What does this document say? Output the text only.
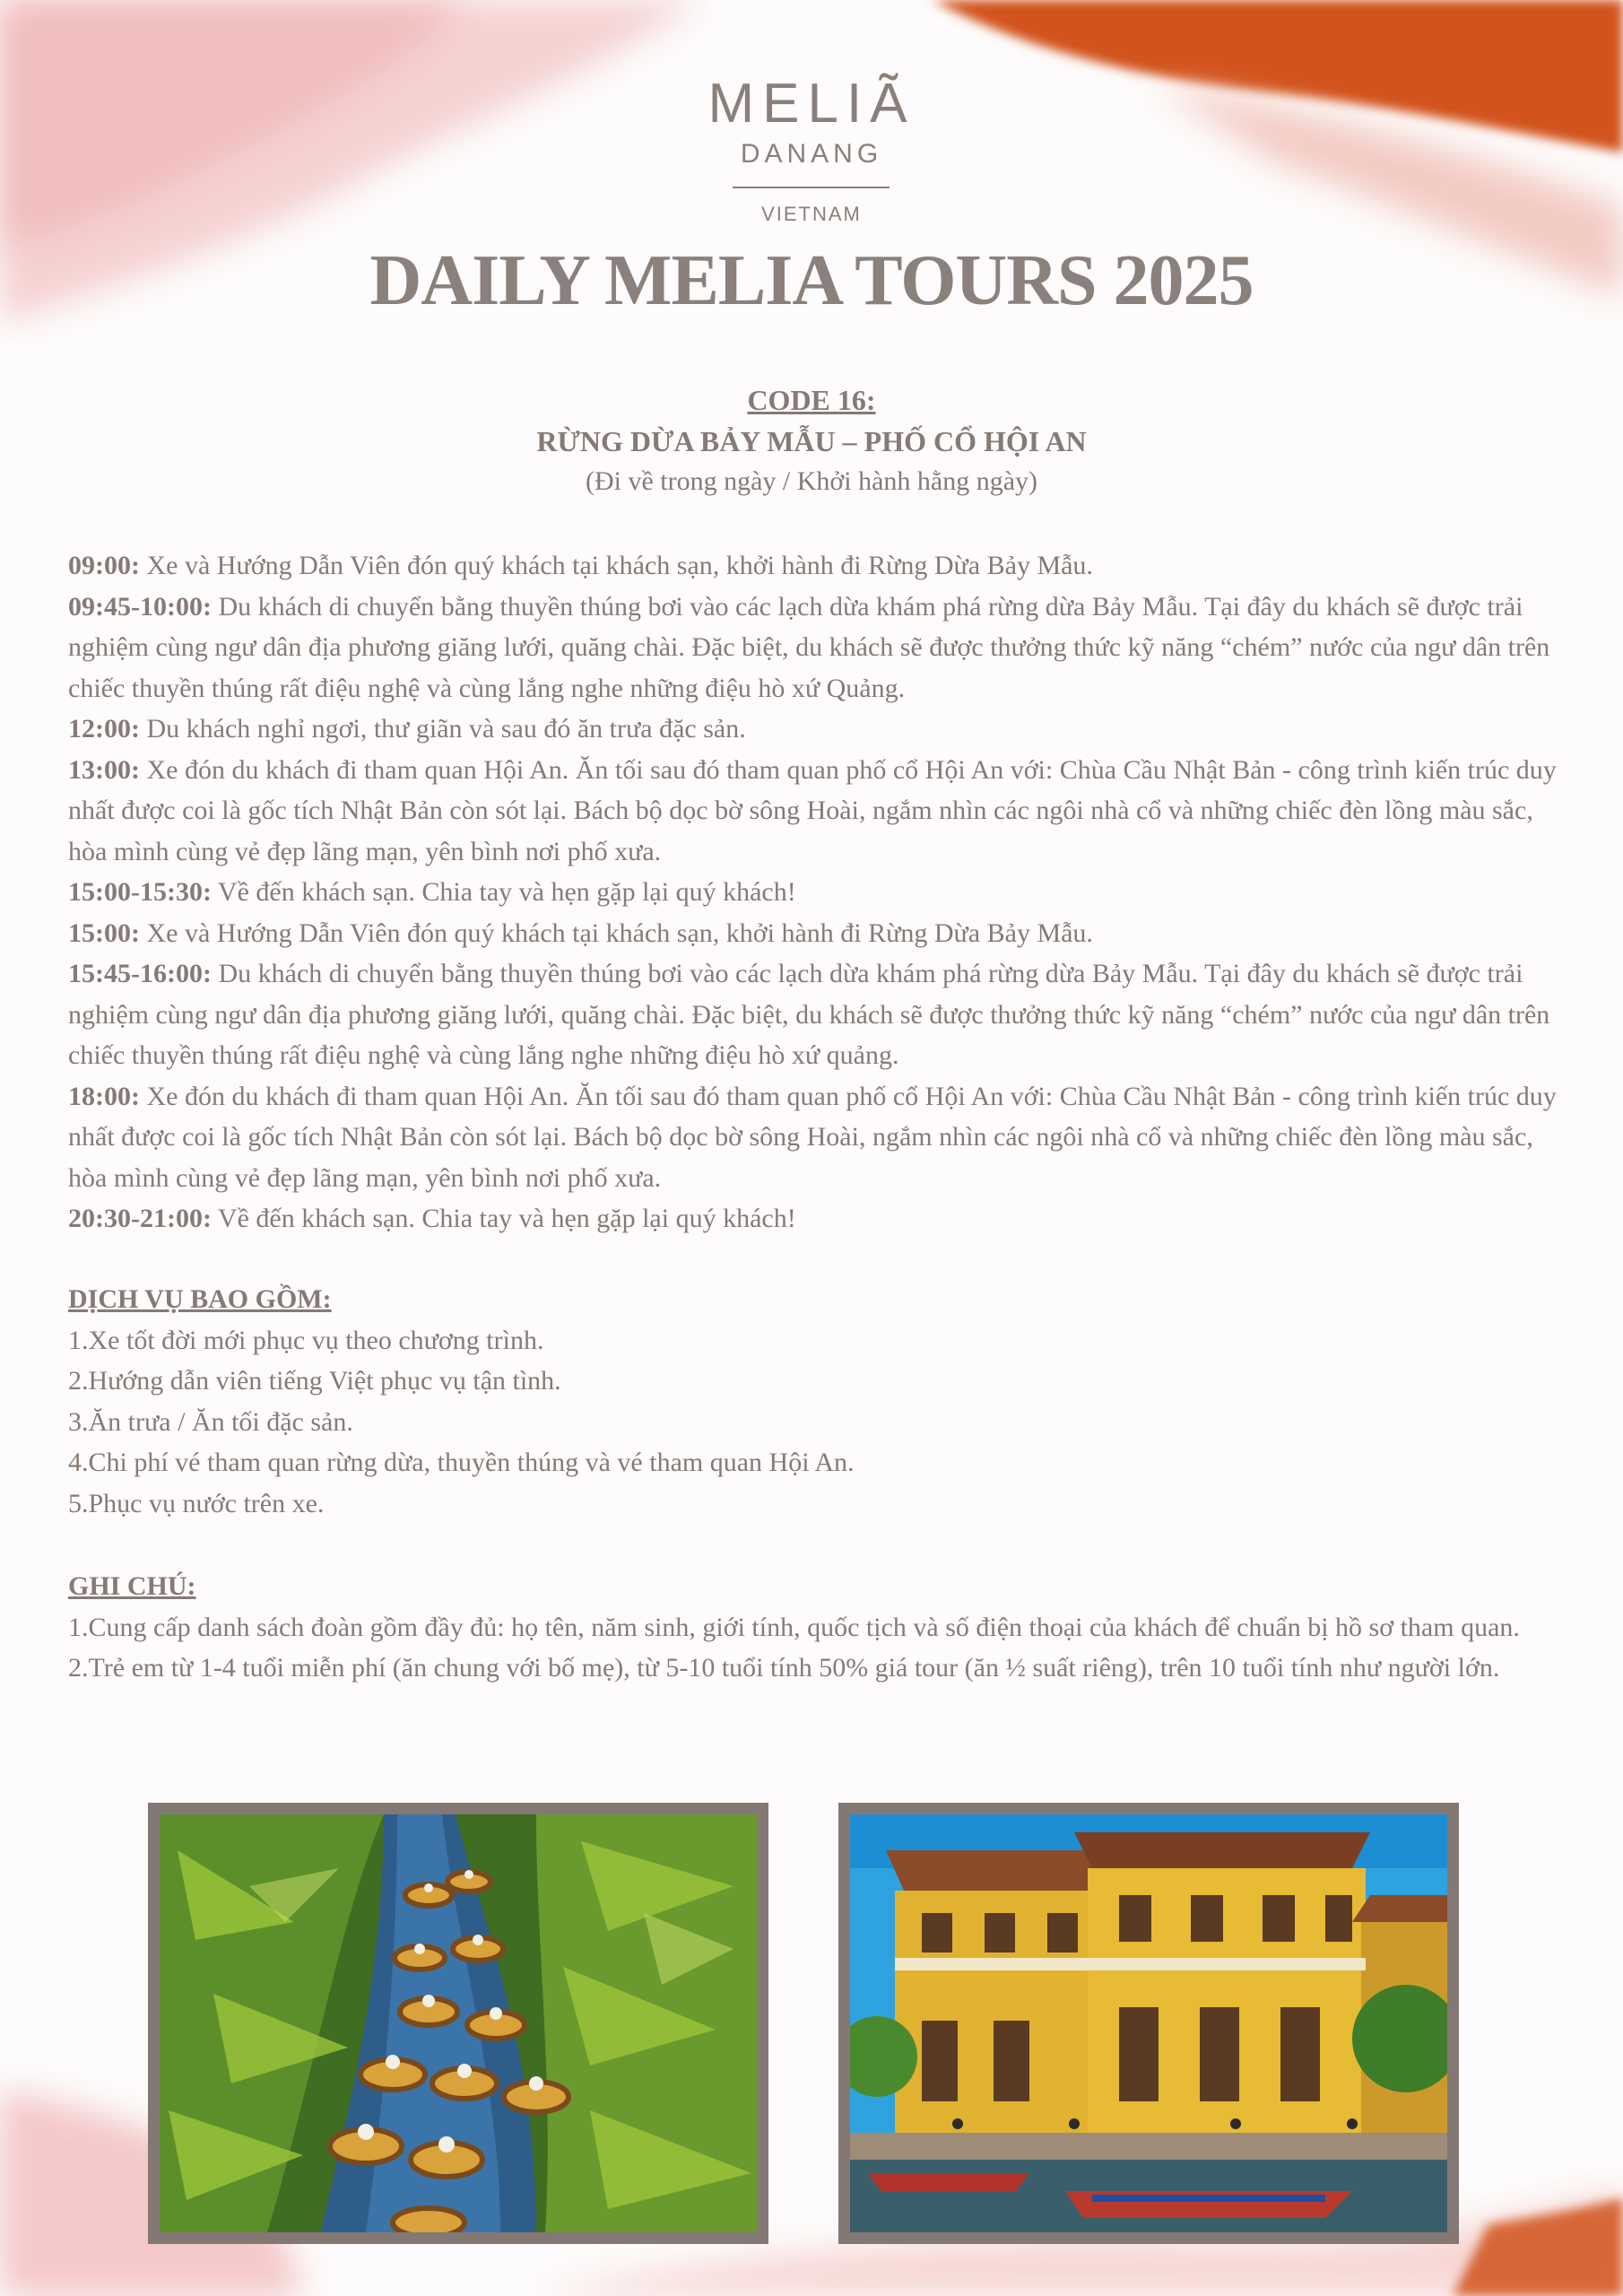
MELIÃ
DANANG
VIETNAM
DAILY MELIA TOURS 2025
CODE 16:
RỪNG DỪA BẢY MẪU – PHỐ CỔ HỘI AN
(Đi về trong ngày / Khởi hành hằng ngày)

09:00: Xe và Hướng Dẫn Viên đón quý khách tại khách sạn, khởi hành đi Rừng Dừa Bảy Mẫu.

09:45-10:00: Du khách di chuyển bằng thuyền thúng bơi vào các lạch dừa khám phá rừng dừa Bảy Mẫu. Tại đây du khách sẽ được trải nghiệm cùng ngư dân địa phương giăng lưới, quăng chài. Đặc biệt, du khách sẽ được thưởng thức kỹ năng “chém” nước của ngư dân trên chiếc thuyền thúng rất điệu nghệ và cùng lắng nghe những điệu hò xứ Quảng.

12:00: Du khách nghỉ ngơi, thư giãn và sau đó ăn trưa đặc sản.

13:00: Xe đón du khách đi tham quan Hội An. Ăn tối sau đó tham quan phố cổ Hội An với: Chùa Cầu Nhật Bản - công trình kiến trúc duy nhất được coi là gốc tích Nhật Bản còn sót lại. Bách bộ dọc bờ sông Hoài, ngắm nhìn các ngôi nhà cổ và những chiếc đèn lồng màu sắc, hòa mình cùng vẻ đẹp lãng mạn, yên bình nơi phố xưa.

15:00-15:30: Về đến khách sạn. Chia tay và hẹn gặp lại quý khách!

15:00: Xe và Hướng Dẫn Viên đón quý khách tại khách sạn, khởi hành đi Rừng Dừa Bảy Mẫu.

15:45-16:00: Du khách di chuyển bằng thuyền thúng bơi vào các lạch dừa khám phá rừng dừa Bảy Mẫu. Tại đây du khách sẽ được trải nghiệm cùng ngư dân địa phương giăng lưới, quăng chài. Đặc biệt, du khách sẽ được thưởng thức kỹ năng “chém” nước của ngư dân trên chiếc thuyền thúng rất điệu nghệ và cùng lắng nghe những điệu hò xứ quảng.

18:00: Xe đón du khách đi tham quan Hội An. Ăn tối sau đó tham quan phố cổ Hội An với: Chùa Cầu Nhật Bản - công trình kiến trúc duy nhất được coi là gốc tích Nhật Bản còn sót lại. Bách bộ dọc bờ sông Hoài, ngắm nhìn các ngôi nhà cổ và những chiếc đèn lồng màu sắc, hòa mình cùng vẻ đẹp lãng mạn, yên bình nơi phố xưa.

20:30-21:00: Về đến khách sạn. Chia tay và hẹn gặp lại quý khách!

DỊCH VỤ BAO GỒM:

1.Xe tốt đời mới phục vụ theo chương trình.

2.Hướng dẫn viên tiếng Việt phục vụ tận tình.

3.Ăn trưa / Ăn tối đặc sản.

4.Chi phí vé tham quan rừng dừa, thuyền thúng và vé tham quan Hội An.

5.Phục vụ nước trên xe.

GHI CHÚ:

1.Cung cấp danh sách đoàn gồm đầy đủ: họ tên, năm sinh, giới tính, quốc tịch và số điện thoại của khách để chuẩn bị hồ sơ tham quan.

2.Trẻ em từ 1-4 tuổi miễn phí (ăn chung với bố mẹ), từ 5-10 tuổi tính 50% giá tour (ăn ½ suất riêng), trên 10 tuổi tính như người lớn.
